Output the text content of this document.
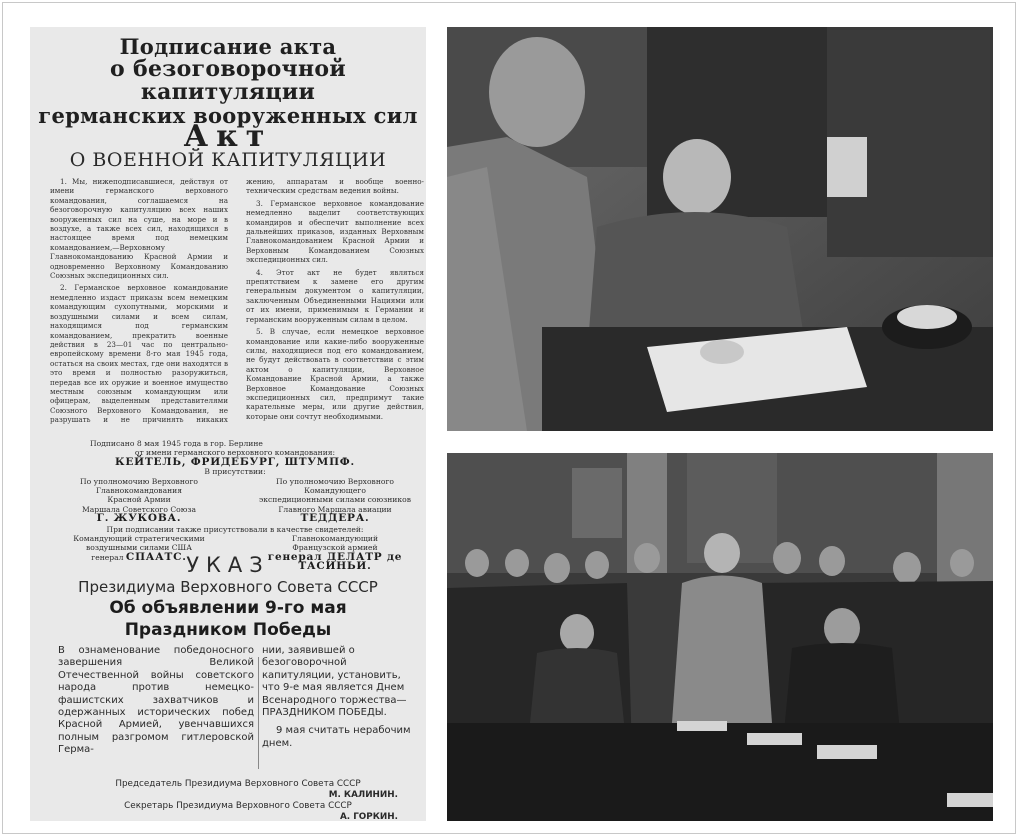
Подписание акта
о безоговорочной капитуляции
германских вооруженных сил
Акт
О ВОЕННОЙ КАПИТУЛЯЦИИ

1. Мы, нижеподписавшиеся, действуя от имени германского верховного командования, соглашаемся на безоговорочную капитуляцию всех наших вооруженных сил на суше, на море и в воздухе, а также всех сил, находящихся в настоящее время под немецким командованием,—Верховному Главнокомандованию Красной Армии и одновременно Верховному Командованию Союзных экспедиционных сил.

2. Германское верховное командование немедленно издаст приказы всем немецким командующим сухопутными, морскими и воздушными силами и всем силам, находящимся под германским командованием, прекратить военные действия в 23—01 час по центрально-европейскому времени 8-го мая 1945 года, остаться на своих местах, где они находятся в это время и полностью разоружиться, передав все их оружие и военное имущество местным союзным командующим или офицерам, выделенным представителями Союзного Верховного Командования, не разрушать и не причинять никаких

жению, аппаратам и вообще военно-техническим средствам ведения войны.

3. Германское верховное командование немедленно выделит соответствующих командиров и обеспечит выполнение всех дальнейших приказов, изданных Верховным Главнокомандованием Красной Армии и Верховным Командованием Союзных экспедиционных сил.

4. Этот акт не будет являться препятствием к замене его другим генеральным документом о капитуляции, заключенным Объединенными Нациями или от их имени, применимым к Германии и германским вооруженным силам в целом.

5. В случае, если немецкое верховное командование или какие-либо вооруженные силы, находящиеся под его командованием, не будут действовать в соответствии с этим актом о капитуляции, Верховное Командование Красной Армии, а также Верховное Командование Союзных экспедиционных сил, предпримут такие карательные меры, или другие действия, которые они сочтут необходимыми.

Подписано 8 мая 1945 года в гор. Берлине
от имени германского верховного командования:
КЕЙТЕЛЬ, ФРИДЕБУРГ, ШТУМПФ.
В присутствии:
По уполномочию Верховного Главнокомандования
Красной Армии
Маршала Советского Союза
Г. ЖУКОВА.
По уполномочию Верховного Командующего
экспедиционными силами союзников
Главного Маршала авиации
ТЕДДЕРА.
При подписании также присутствовали в качестве свидетелей:
Командующий стратегическими
воздушными силами США
генерал СПААТС.
Главнокомандующий
Французской армией
генерал ДЕЛАТР де ТАСИНЬИ.
УКАЗ
Президиума Верховного Совета СССР
Об объявлении 9-го мая
Праздником Победы
В ознаменование победоносного завершения Великой Отечественной войны советского народа против немецко-фашистских захватчиков и одержанных исторических побед Красной Армией, увенчавшихся полным разгромом гитлеровской Герма-
нии, заявившей о безоговорочной капитуляции, установить, что 9-е мая является Днем Всенародного торжества—ПРАЗДНИКОМ ПОБЕДЫ.
9 мая считать нерабочим днем.
Председатель Президиума Верховного Совета СССР
М. КАЛИНИН.
Секретарь Президиума Верховного Совета СССР
А. ГОРКИН.
